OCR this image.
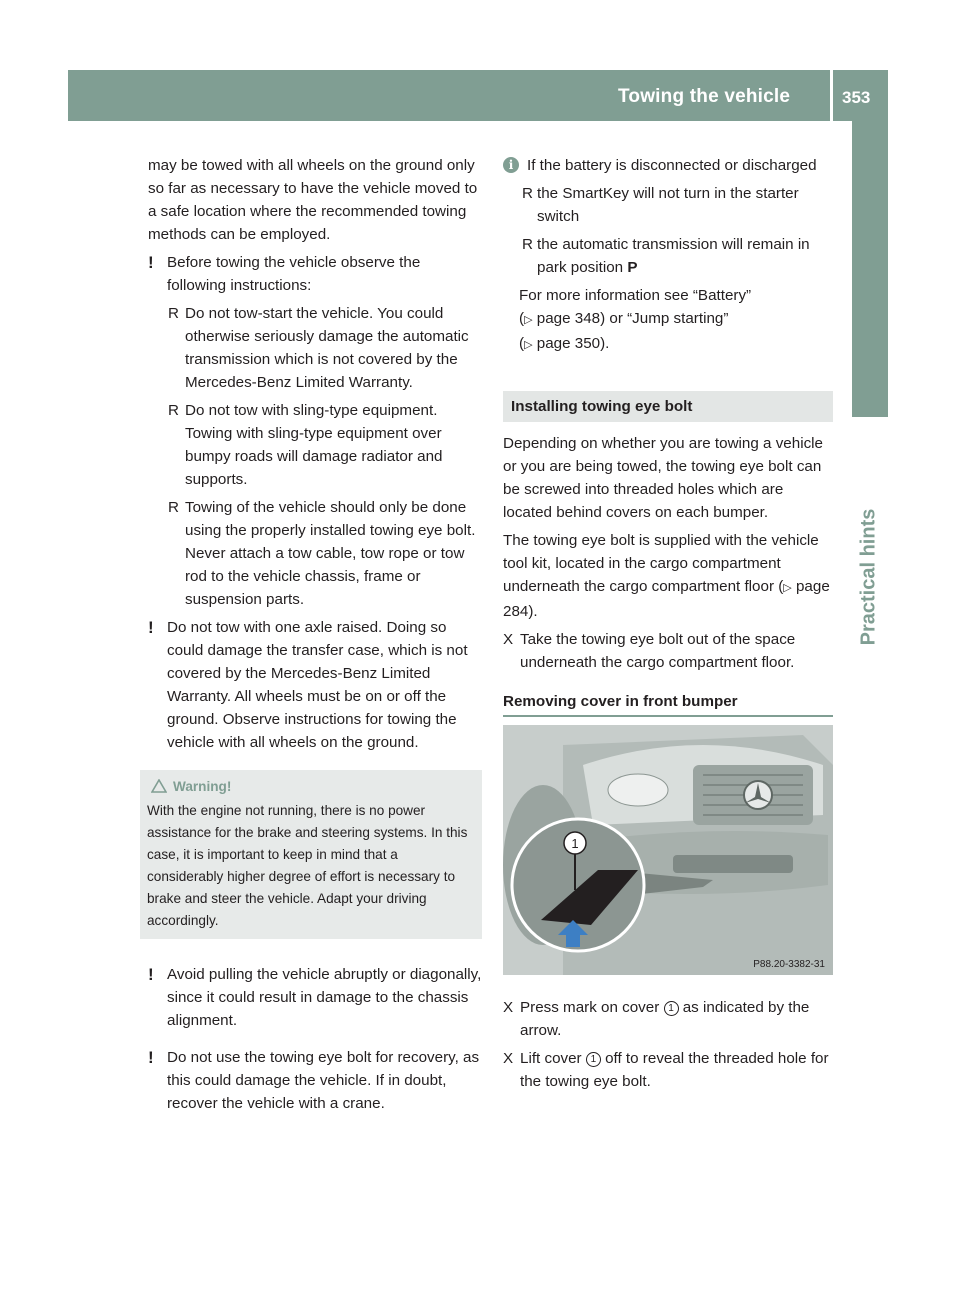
Towing the vehicle	353
Practical hints

may be towed with all wheels on the ground only so far as necessary to have the vehicle moved to a safe location where the recommended towing methods can be employed.

! Before towing the vehicle observe the following instructions:
R Do not tow-start the vehicle. You could otherwise seriously damage the automatic transmission which is not covered by the Mercedes-Benz Limited Warranty.
R Do not tow with sling-type equipment. Towing with sling-type equipment over bumpy roads will damage radiator and supports.
R Towing of the vehicle should only be done using the properly installed towing eye bolt. Never attach a tow cable, tow rope or tow rod to the vehicle chassis, frame or suspension parts.
! Do not tow with one axle raised. Doing so could damage the transfer case, which is not covered by the Mercedes-Benz Limited Warranty. All wheels must be on or off the ground. Observe instructions for towing the vehicle with all wheels on the ground.
Warning!
With the engine not running, there is no power assistance for the brake and steering systems. In this case, it is important to keep in mind that a considerably higher degree of effort is necessary to brake and steer the vehicle. Adapt your driving accordingly.
! Avoid pulling the vehicle abruptly or diagonally, since it could result in damage to the chassis alignment.
! Do not use the towing eye bolt for recovery, as this could damage the vehicle. If in doubt, recover the vehicle with a crane.
i If the battery is disconnected or discharged

R the SmartKey will not turn in the starter switch
R the automatic transmission will remain in park position P

For more information see “Battery”
(▷ page 348) or “Jump starting”
(▷ page 350).

Installing towing eye bolt

Depending on whether you are towing a vehicle or you are being towed, the towing eye bolt can be screwed into threaded holes which are located behind covers on each bumper.

The towing eye bolt is supplied with the vehicle tool kit, located in the cargo compartment underneath the cargo compartment floor (▷ page 284).

X Take the towing eye bolt out of the space underneath the cargo compartment floor.
Removing cover in front bumper
1
P88.20-3382-31
X Press mark on cover 1 as indicated by the arrow.
X Lift cover 1 off to reveal the threaded hole for the towing eye bolt.
